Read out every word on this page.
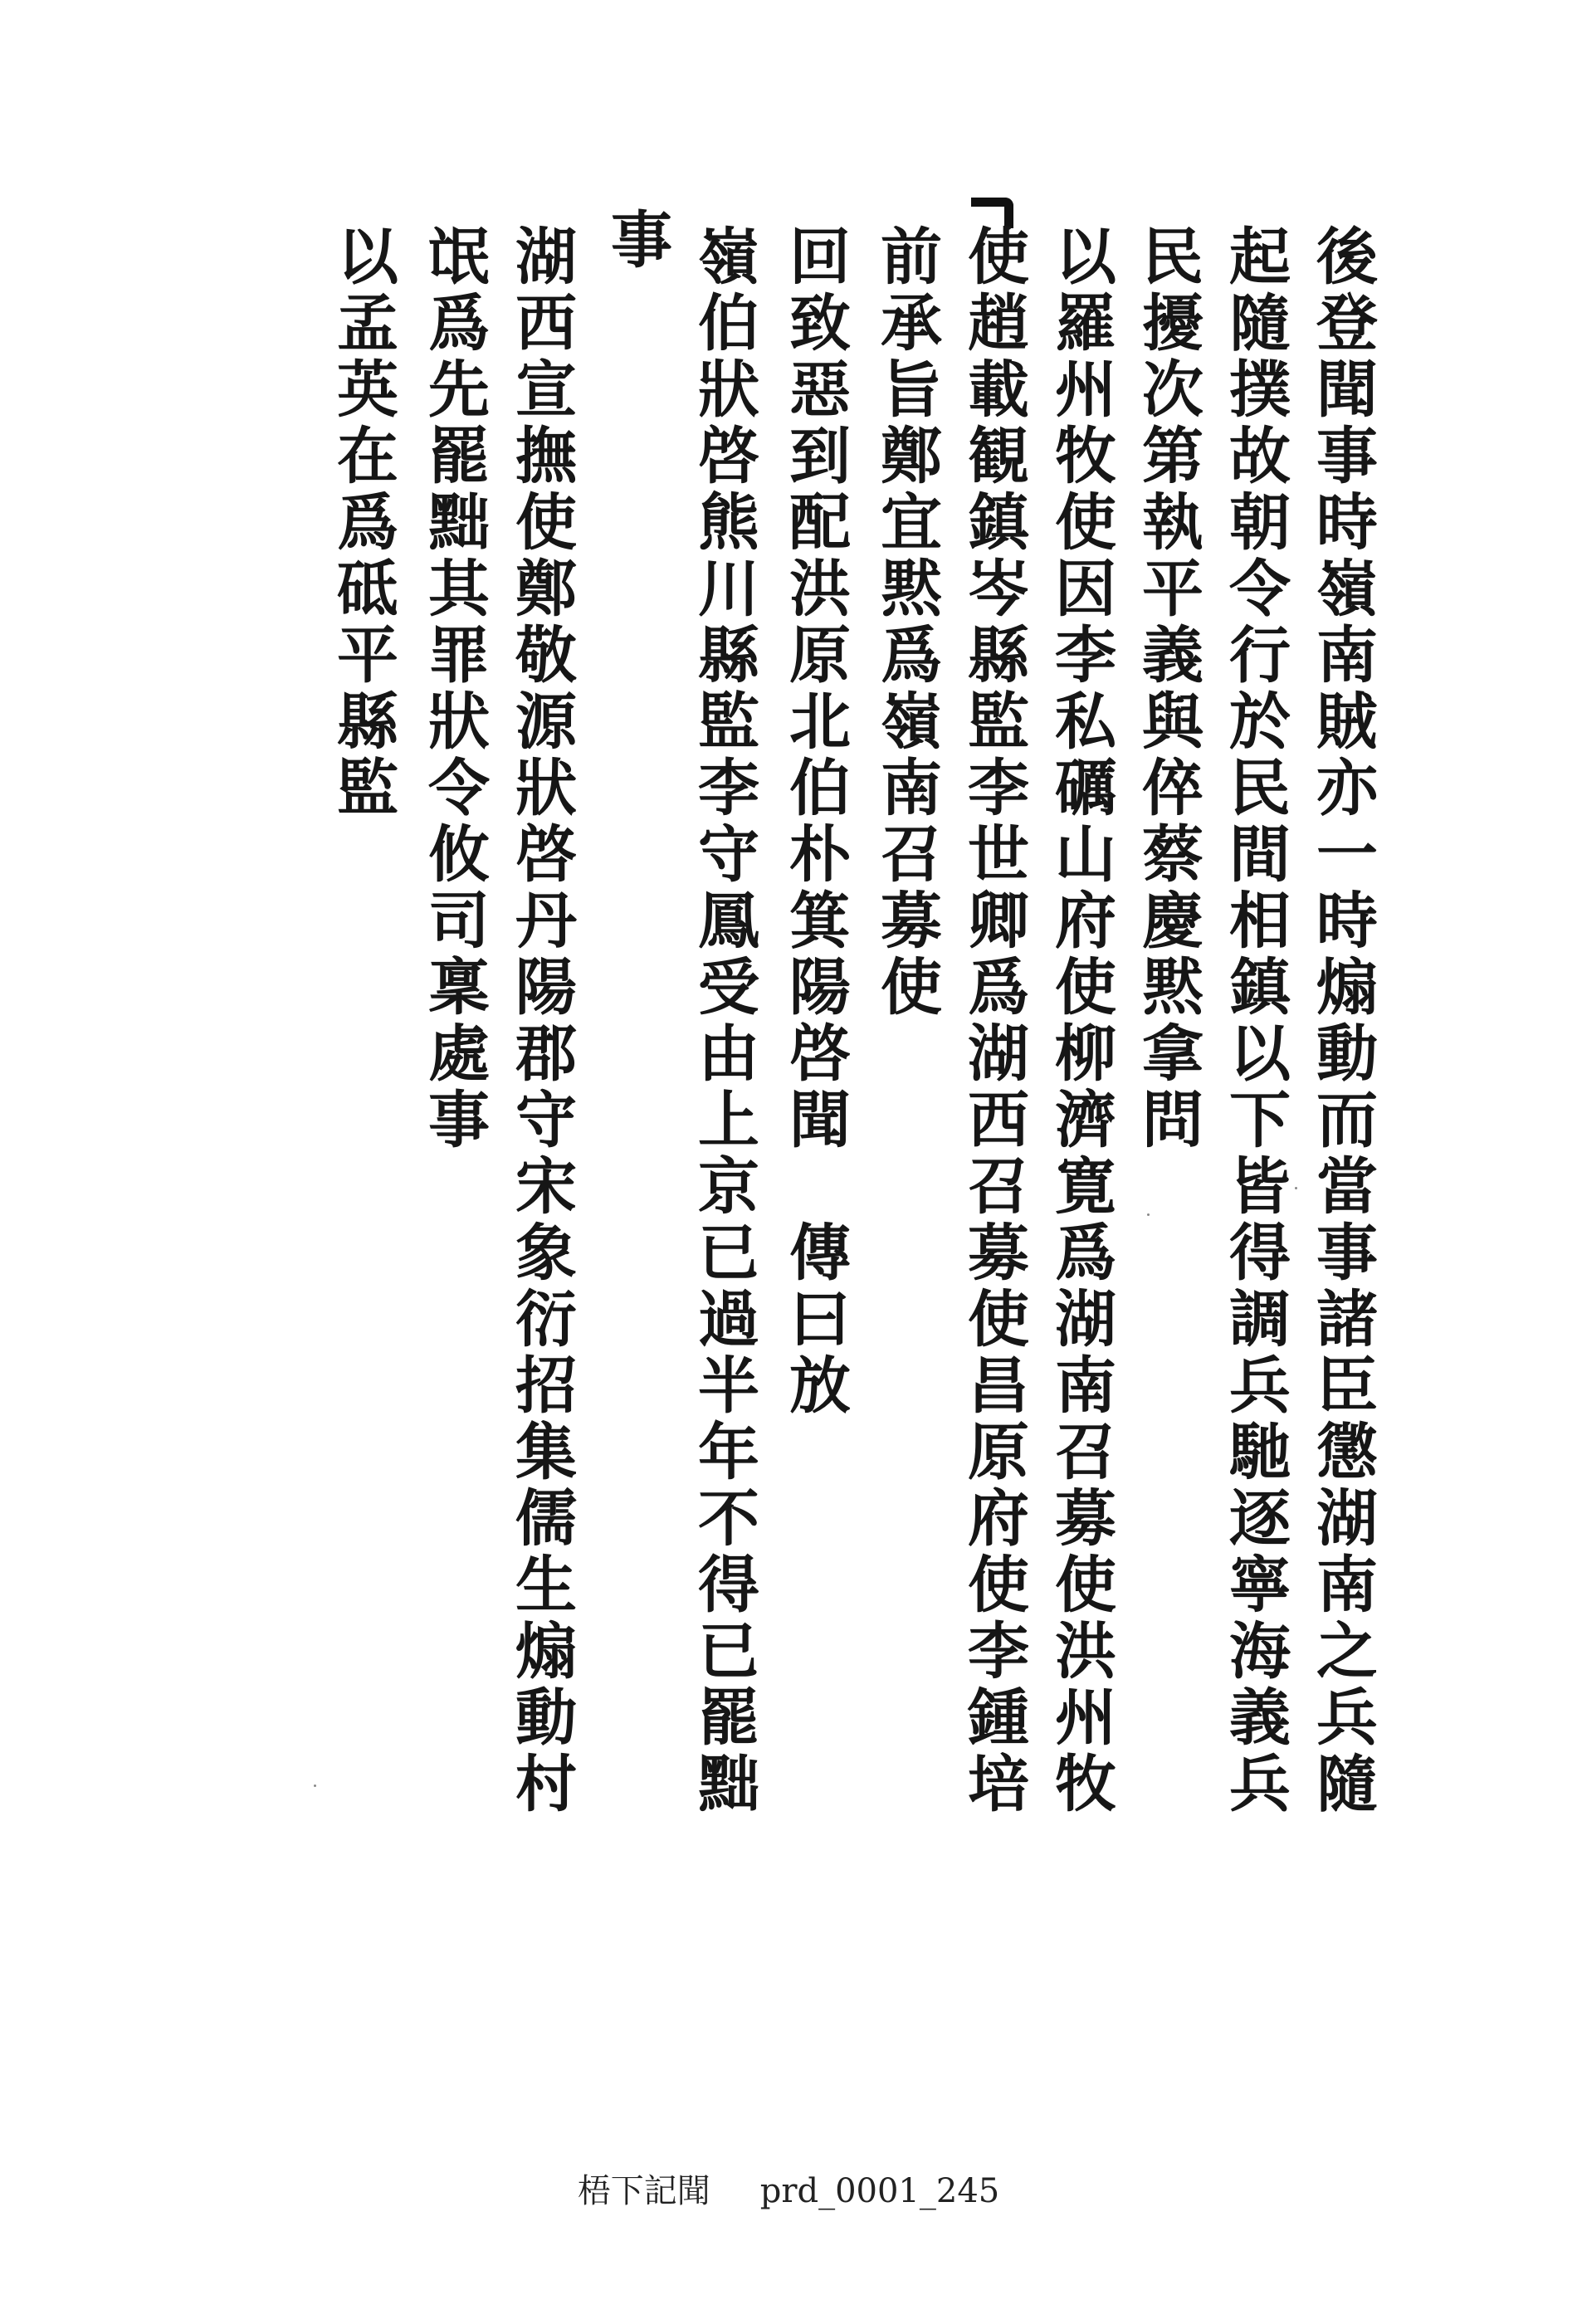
後登聞事時嶺南賊亦一時煽動而當事諸臣懲湖南之兵隨
起隨撲故朝令行於民間相鎮以下皆得調兵馳逐寧海義兵
民擾次第執平義與倅蔡慶黙拿問
以羅州牧使因李私礪山府使柳濟寛爲湖南召募使洪州牧
使趙載観鎮岑縣監李世卿爲湖西召募使昌原府使李鍾培
前承旨鄭宜黙爲嶺南召募使
回致惡到配洪原北伯朴箕陽啓聞　傳曰放
嶺伯狀啓熊川縣監李守鳳受由上京已過半年不得已罷黜
事
湖西宣撫使鄭敬源狀啓丹陽郡守宋象衍招集儒生煽動村
氓爲先罷黜其罪狀令攸司稟處事
以孟英在爲砥平縣監
梧下記聞 prd_0001_245
